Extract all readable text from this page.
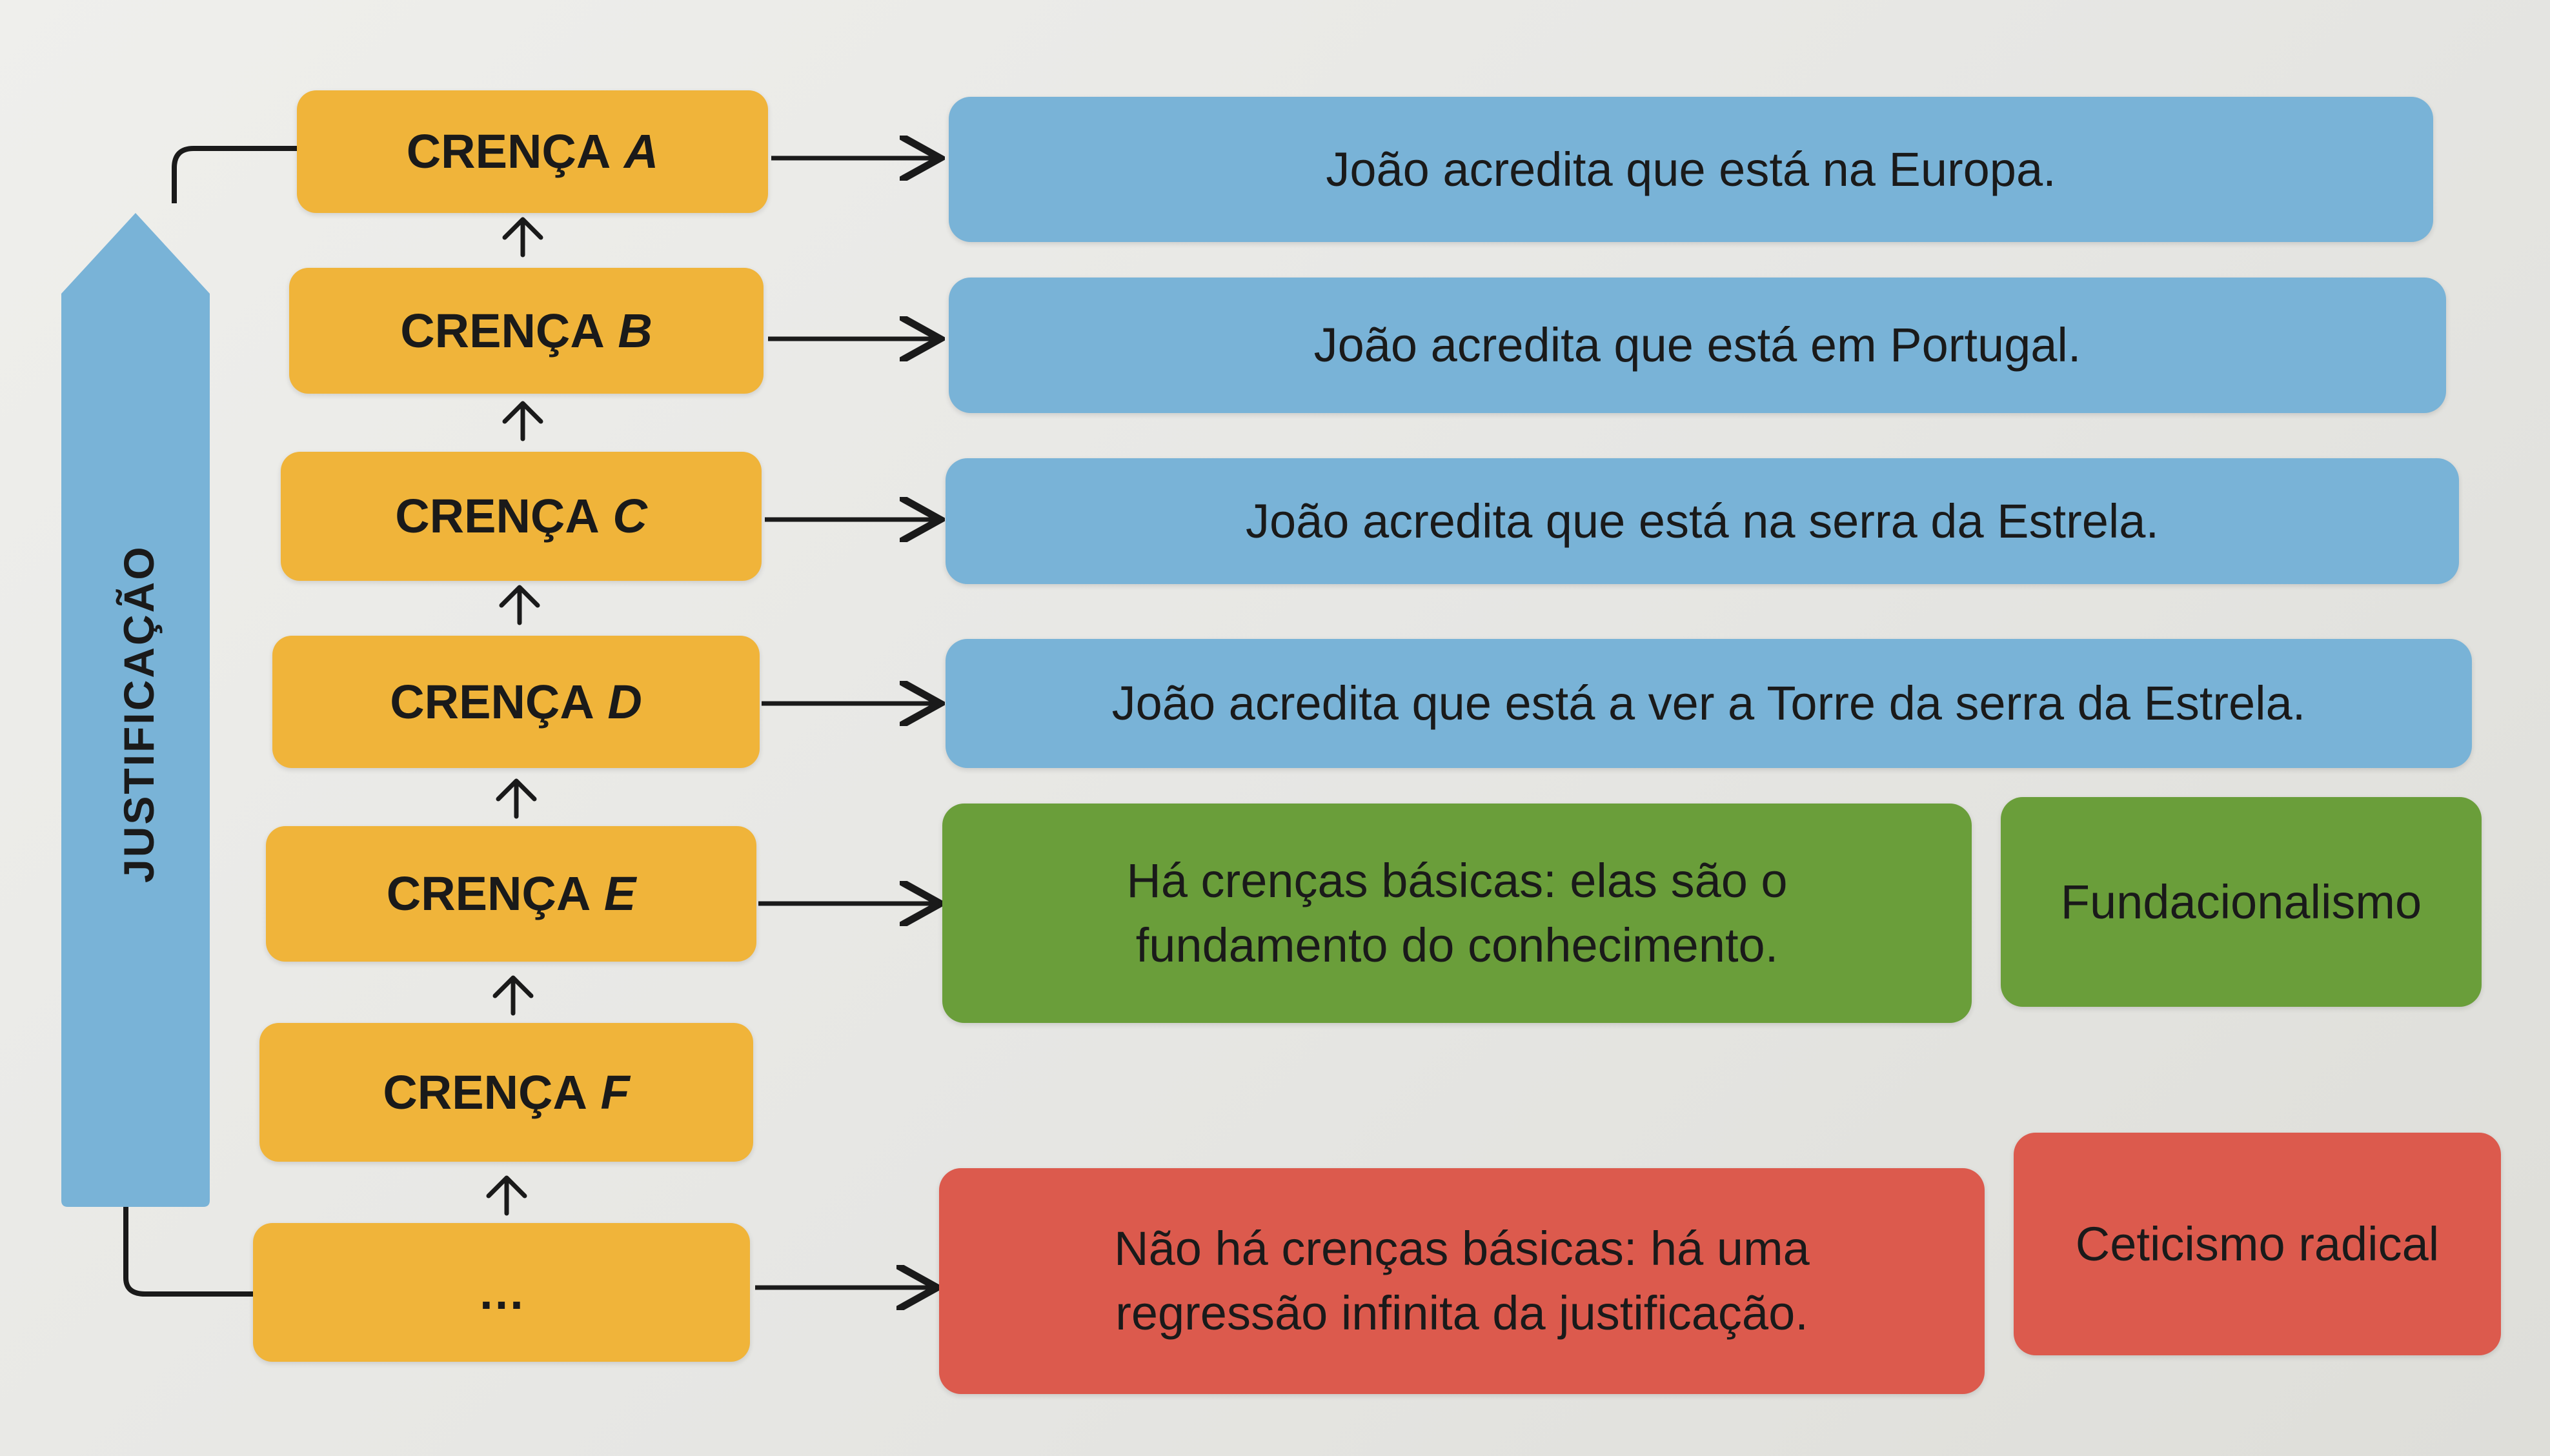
JUSTIFICAÇÃO
CRENÇA
A
CRENÇA
B
CRENÇA
C
CRENÇA
D
CRENÇA
E
CRENÇA
F
…
João acredita que está na Europa.
João acredita que está em Portugal.
João acredita que está na serra da Estrela.
João acredita que está a ver a Torre da serra da Estrela.
Há crenças básicas: elas são o
fundamento do conhecimento.
Fundacionalismo
Não há crenças básicas: há uma
regressão infinita da justificação.
Ceticismo radical
